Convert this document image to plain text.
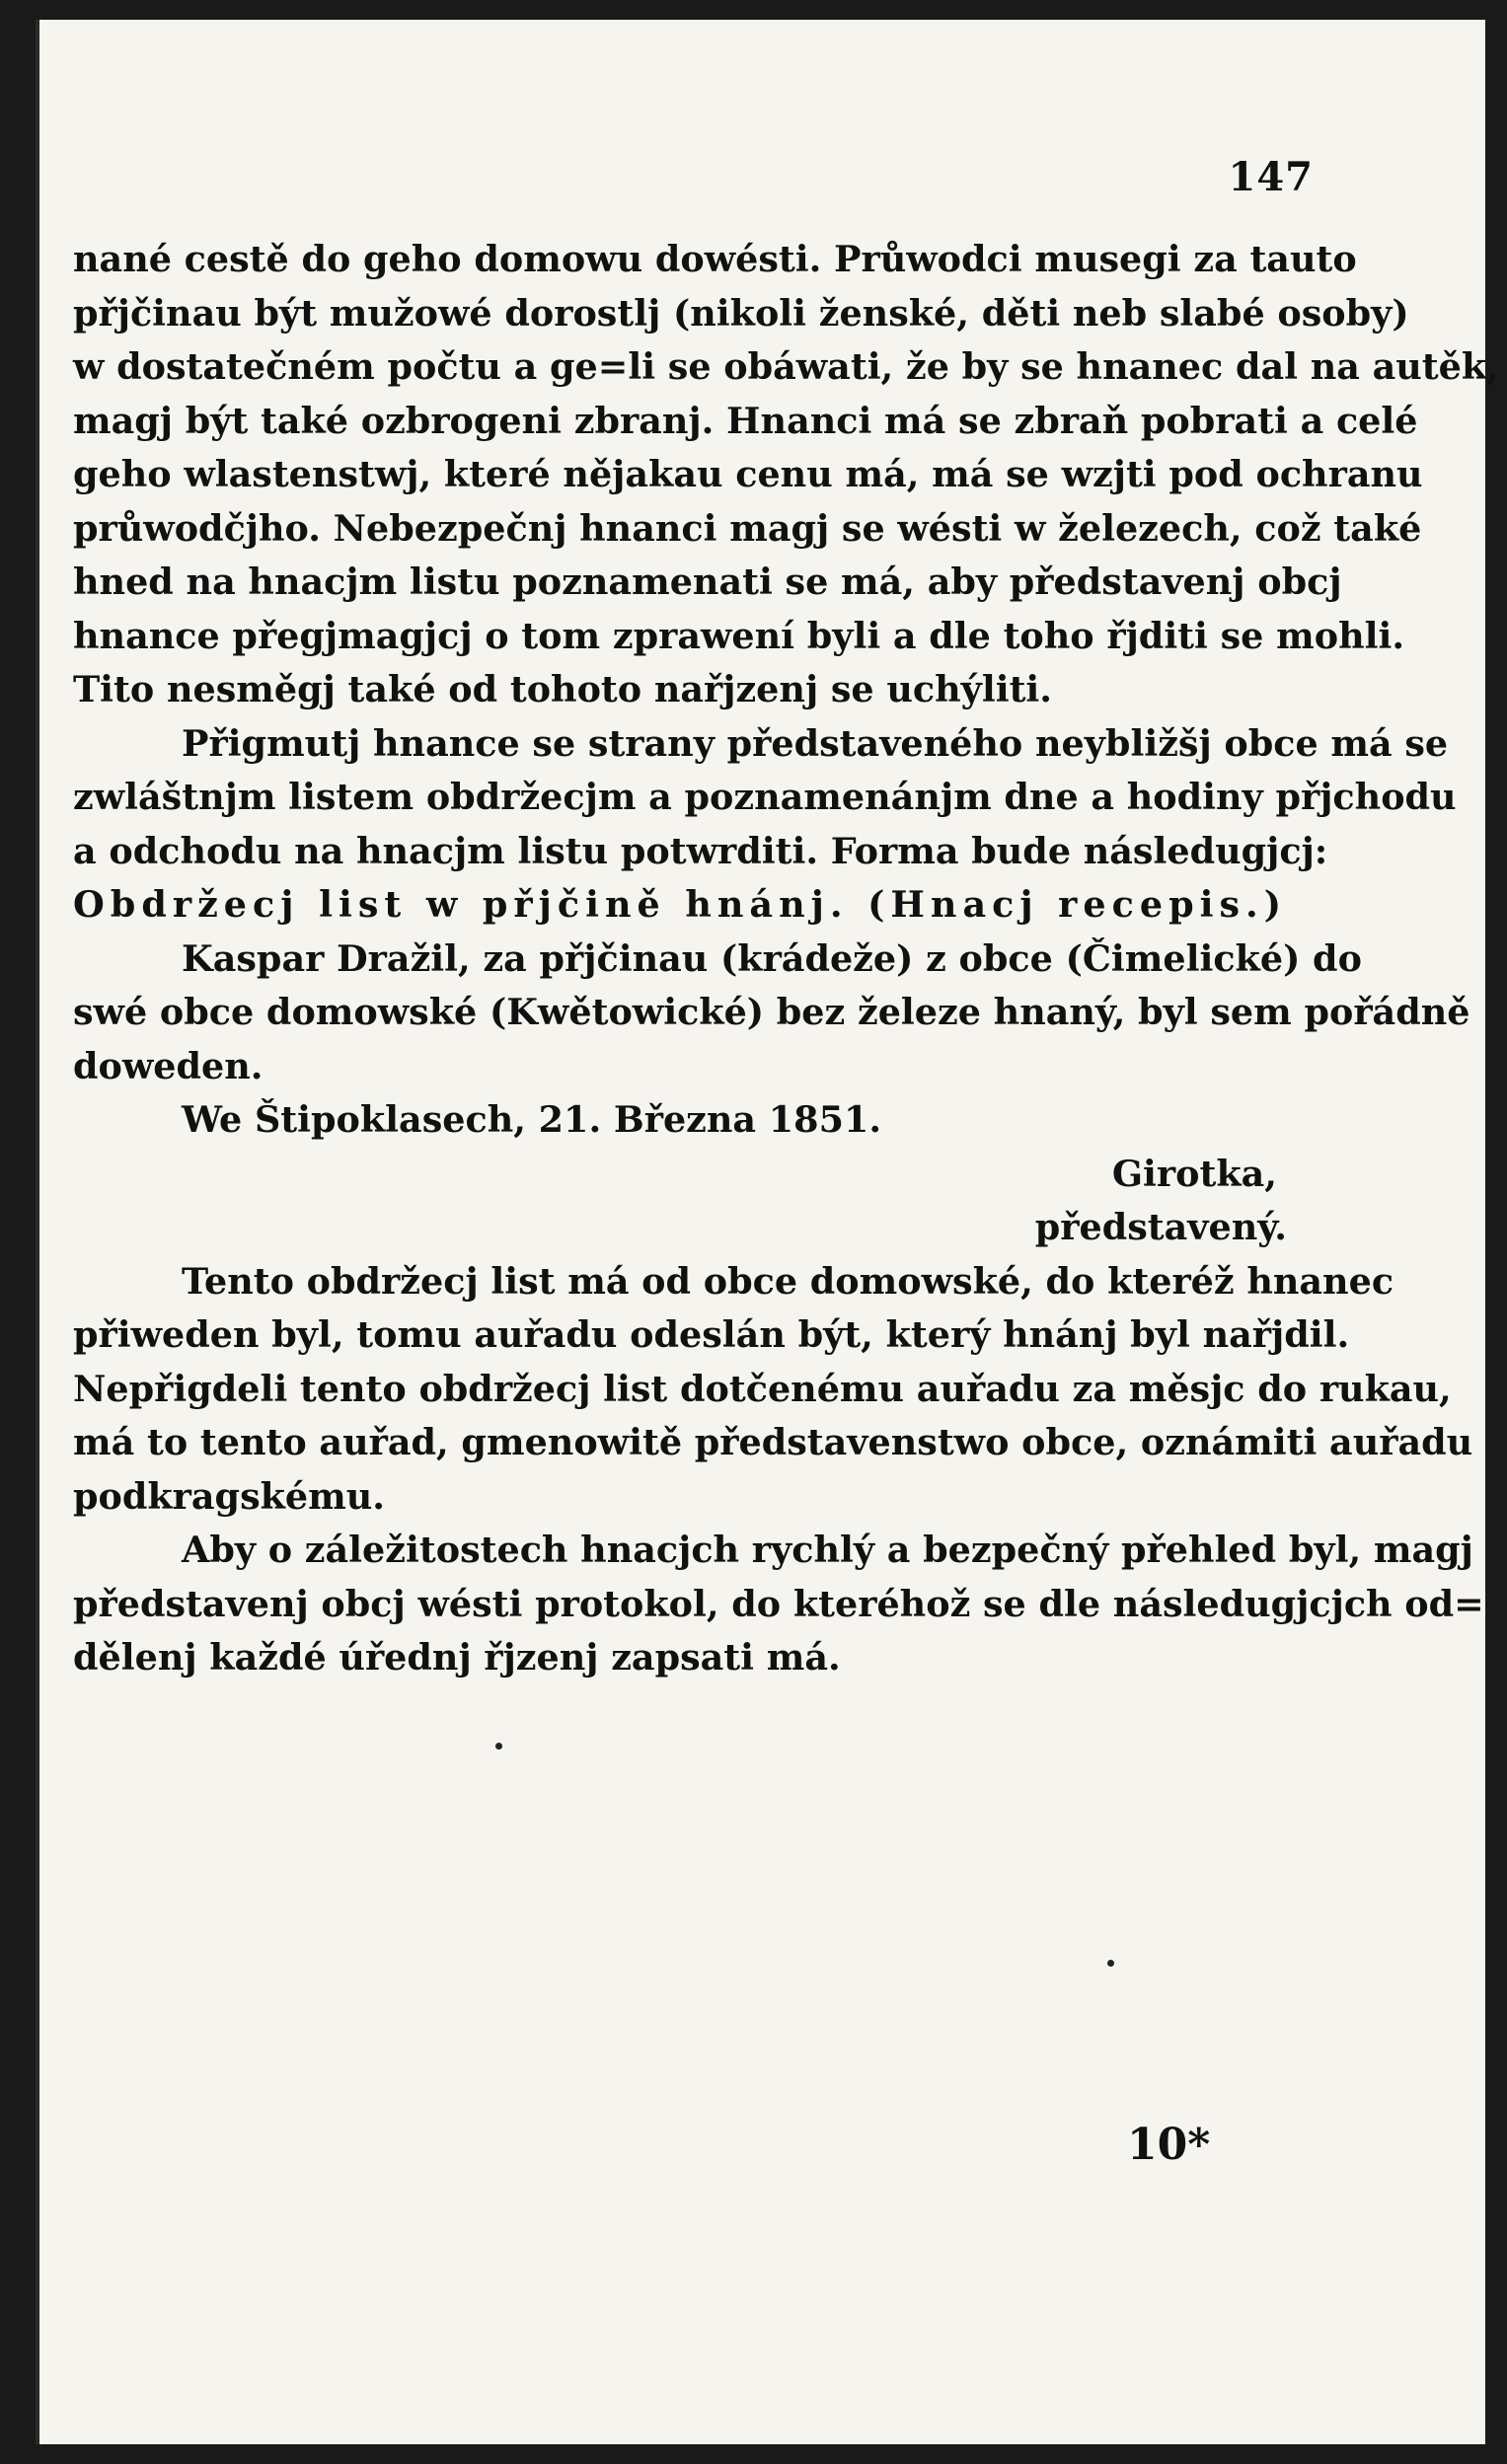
147
nané cestě do geho domowu dowésti. Průwodci musegi za tauto
přjčinau být mužowé dorostlj (nikoli ženské, děti neb slabé osoby)
w dostatečném počtu a ge=li se obáwati, že by se hnanec dal na autěk,
magj být také ozbrogeni zbranj. Hnanci má se zbraň pobrati a celé
geho wlastenstwj, které nějakau cenu má, má se wzjti pod ochranu
průwodčjho. Nebezpečnj hnanci magj se wésti w železech, což také
hned na hnacjm listu poznamenati se má, aby představenj obcj
hnance přegjmagjcj o tom zprawení byli a dle toho řjditi se mohli.
Tito nesměgj také od tohoto nařjzenj se uchýliti.
Přigmutj hnance se strany představeného neybližšj obce má se
zwláštnjm listem obdržecjm a poznamenánjm dne a hodiny přjchodu
a odchodu na hnacjm listu potwrditi. Forma bude následugjcj:
Obdržecj list w přjčině hnánj. (Hnacj recepis.)
Kaspar Dražil, za přjčinau (krádeže) z obce (Čimelické) do
swé obce domowské (Kwětowické) bez železe hnaný, byl sem pořádně
doweden.
We Štipoklasech, 21. Března 1851.
Girotka,
představený.
Tento obdržecj list má od obce domowské, do kteréž hnanec
přiweden byl, tomu auřadu odeslán být, který hnánj byl nařjdil.
Nepřigdeli tento obdržecj list dotčenému auřadu za měsjc do rukau,
má to tento auřad, gmenowitě představenstwo obce, oznámiti auřadu
podkragskému.
Aby o záležitostech hnacjch rychlý a bezpečný přehled byl, magj
představenj obcj wésti protokol, do kteréhož se dle následugjcjch od=
dělenj každé úřednj řjzenj zapsati má.
10*
